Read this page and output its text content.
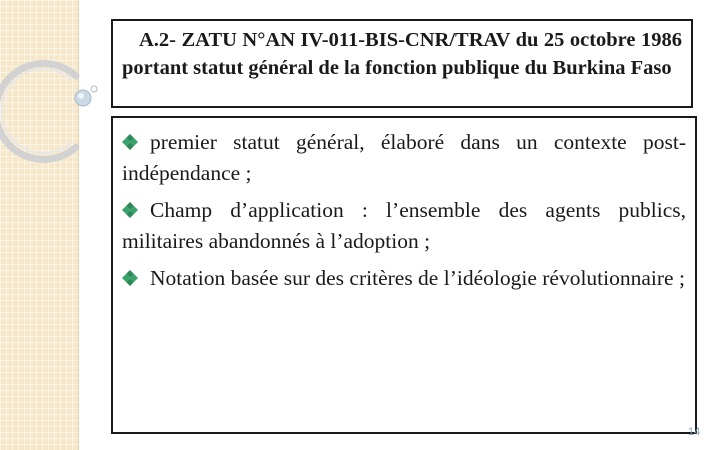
A.2- ZATU N°AN IV-011-BIS-CNR/TRAV du 25 octobre 1986 portant statut général de la fonction publique du Burkina Faso

premier statut général, élaboré dans un contexte post-indépendance ;

Champ d’application : l’ensemble des agents publics, militaires abandonnés à l’adoption ;

Notation basée sur des critères de l’idéologie révolutionnaire ;

14
